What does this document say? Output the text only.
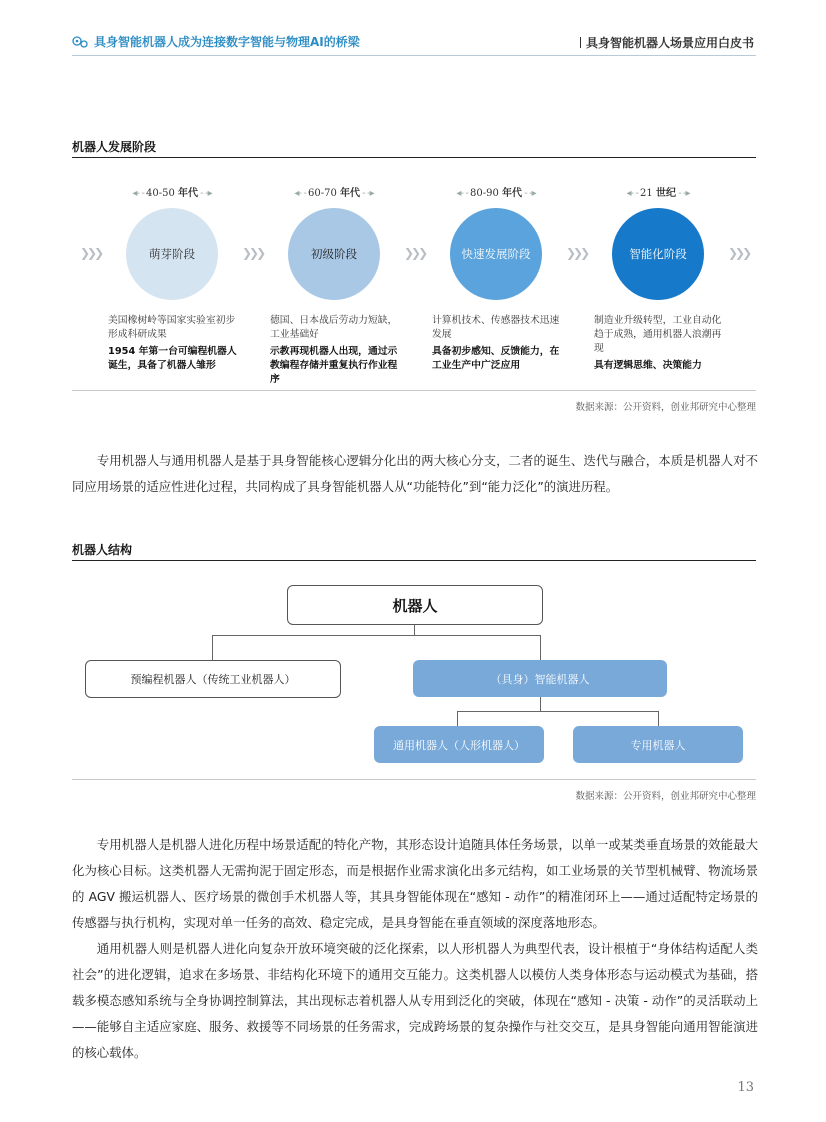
具身智能机器人成为连接数字智能与物理AI的桥梁	具身智能机器人场景应用白皮书
机器人发展阶段
◂- - 40-50 年代 - -▸	◂- - 60-70 年代 - -▸	◂- - 80-90 年代 - -▸	◂- - 21 世纪 - -▸
❯❯❯	❯❯❯	❯❯❯	❯❯❯	❯❯❯
萌芽阶段	初级阶段	快速发展阶段	智能化阶段
美国橡树岭等国家实验室初步形成科研成果
1954 年第一台可编程机器人诞生，具备了机器人雏形
德国、日本战后劳动力短缺，工业基础好
示教再现机器人出现，通过示教编程存储并重复执行作业程序
计算机技术、传感器技术迅速发展
具备初步感知、反馈能力，在工业生产中广泛应用
制造业升级转型，工业自动化趋于成熟，通用机器人浪潮再现
具有逻辑思维、决策能力
数据来源：公开资料，创业邦研究中心整理

专用机器人与通用机器人是基于具身智能核心逻辑分化出的两大核心分支，二者的诞生、迭代与融合，本质是机器人对不同应用场景的适应性进化过程，共同构成了具身智能机器人从“功能特化”到“能力泛化”的演进历程。

机器人结构
机器人
预编程机器人（传统工业机器人）	（具身）智能机器人
通用机器人（人形机器人）	专用机器人
数据来源：公开资料，创业邦研究中心整理

专用机器人是机器人进化历程中场景适配的特化产物，其形态设计追随具体任务场景，以单一或某类垂直场景的效能最大化为核心目标。这类机器人无需拘泥于固定形态，而是根据作业需求演化出多元结构，如工业场景的关节型机械臂、物流场景的 AGV 搬运机器人、医疗场景的微创手术机器人等，其具身智能体现在“感知 - 动作”的精准闭环上——通过适配特定场景的传感器与执行机构，实现对单一任务的高效、稳定完成，是具身智能在垂直领域的深度落地形态。

通用机器人则是机器人进化向复杂开放环境突破的泛化探索，以人形机器人为典型代表，设计根植于“身体结构适配人类社会”的进化逻辑，追求在多场景、非结构化环境下的通用交互能力。这类机器人以模仿人类身体形态与运动模式为基础，搭载多模态感知系统与全身协调控制算法，其出现标志着机器人从专用到泛化的突破，体现在“感知 - 决策 - 动作”的灵活联动上——能够自主适应家庭、服务、救援等不同场景的任务需求，完成跨场景的复杂操作与社交交互，是具身智能向通用智能演进的核心载体。

13
